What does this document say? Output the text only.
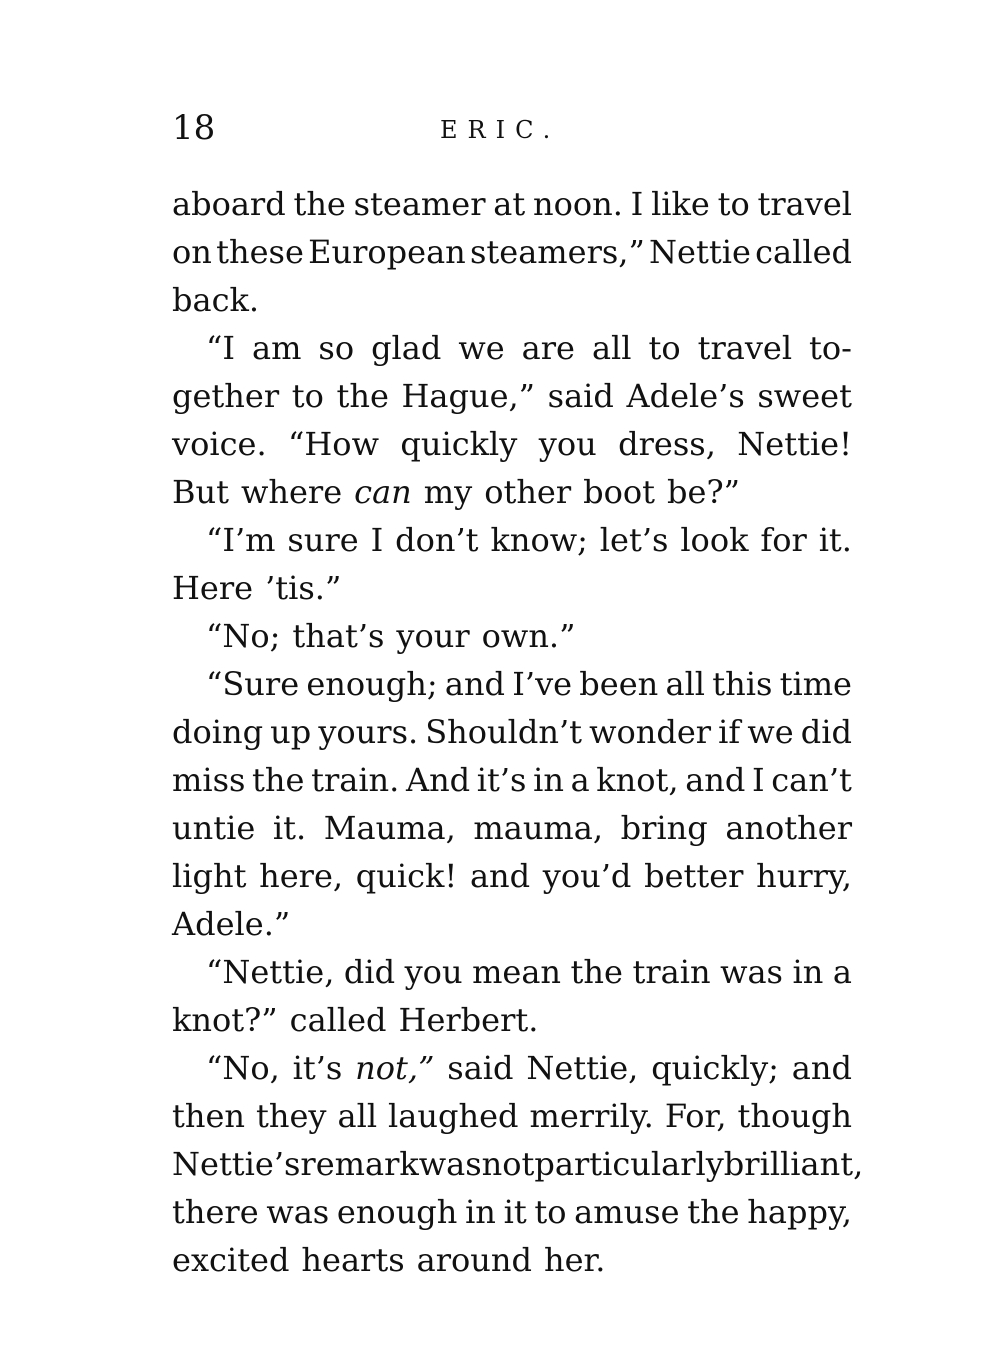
18	ERIC.
aboard the steamer at noon. I like to travel
on these European steamers,” Nettie called
back.
“I am so glad we are all to travel to-
gether to the Hague,” said Adele’s sweet
voice. “How quickly you dress, Nettie!
But where can my other boot be?”
“I’m sure I don’t know; let’s look for it.
Here ’tis.”
“No; that’s your own.”
“Sure enough; and I’ve been all this time
doing up yours. Shouldn’t wonder if we did
miss the train. And it’s in a knot, and I can’t
untie it. Mauma, mauma, bring another
light here, quick! and you’d better hurry,
Adele.”
“Nettie, did you mean the train was in a
knot?” called Herbert.
“No, it’s not,” said Nettie, quickly; and
then they all laughed merrily. For, though
Nettie’s remark was not particularly brilliant,
there was enough in it to amuse the happy,
excited hearts around her.
